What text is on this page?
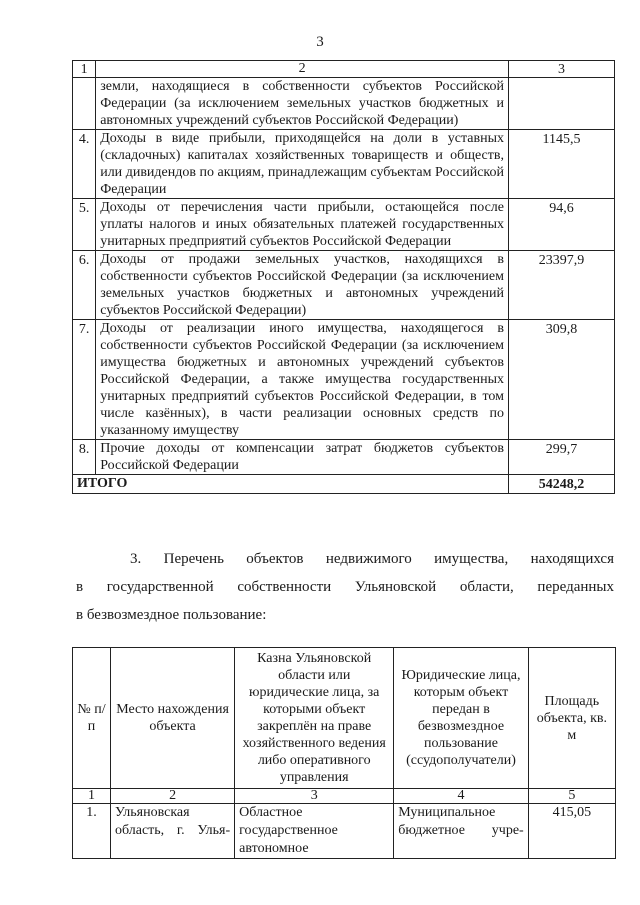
3
1	2	3
	земли, находящиеся в собственности субъектов Российской Федерации (за исключением земельных участков бюджетных и автономных учреждений субъектов Российской Федерации)	
4.	Доходы в виде прибыли, приходящейся на доли в уставных (складочных) капиталах хозяйственных товариществ и обществ, или дивидендов по акциям, принадлежащим субъектам Российской Федерации	1145,5
5.	Доходы от перечисления части прибыли, остающейся после уплаты налогов и иных обязательных платежей государственных унитарных предприятий субъектов Российской Федерации	94,6
6.	Доходы от продажи земельных участков, находящихся в собственности субъектов Российской Федерации (за исключением земельных участков бюджетных и автономных учреждений субъектов Российской Федерации)	23397,9
7.	Доходы от реализации иного имущества, находящегося в собственности субъектов Российской Федерации (за исключением имущества бюджетных и автономных учреждений субъектов Российской Федерации, а также имущества государственных унитарных предприятий субъектов Российской Федерации, в том числе казённых), в части реализации основных средств по указанному имуществу	309,8
8.	Прочие доходы от компенсации затрат бюджетов субъектов Российской Федерации	299,7
ИТОГО		54248,2
3. Перечень объектов недвижимого имущества, находящихся
в государственной собственности Ульяновской области, переданных
в безвозмездное пользование:
№ п/п	Место нахождения объекта	Казна Ульяновской области или юридические лица, за которыми объект закреплён на праве хозяйственного ведения либо оперативного управления	Юридические лица, которым объект передан в безвозмездное пользование (ссудополучатели)	Площадь объекта, кв. м
1	2	3	4	5
1.	Ульяновская область, г. Улья-	Областное государственное автономное	Муниципальное бюджетное учре-	415,05
